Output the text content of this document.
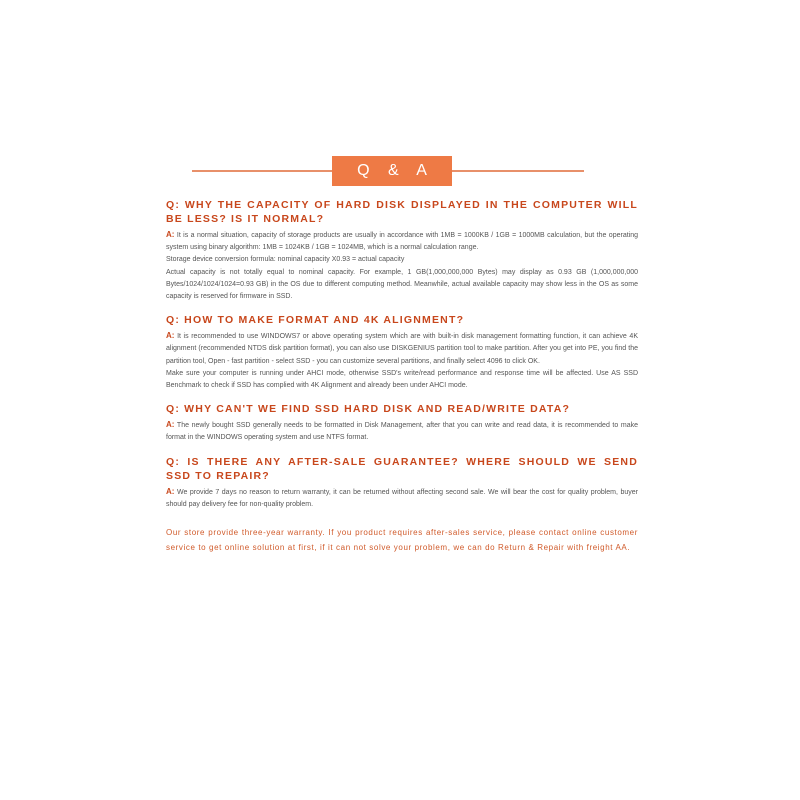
Q & A
Q: WHY THE CAPACITY OF HARD DISK DISPLAYED IN THE COMPUTER WILL BE LESS? IS IT NORMAL?

A: It is a normal situation, capacity of storage products are usually in accordance with 1MB = 1000KB / 1GB = 1000MB calculation, but the operating system using binary algorithm: 1MB = 1024KB / 1GB = 1024MB, which is a normal calculation range.

Storage device conversion formula: nominal capacity X0.93 = actual capacity

Actual capacity is not totally equal to nominal capacity. For example, 1 GB(1,000,000,000 Bytes) may display as 0.93 GB (1,000,000,000 Bytes/1024/1024/1024=0.93 GB) in the OS due to different computing method. Meanwhile, actual available capacity may show less in the OS as some capacity is reserved for firmware in SSD.

Q: HOW TO MAKE FORMAT AND 4K ALIGNMENT?

A: It is recommended to use WINDOWS7 or above operating system which are with built-in disk management formatting function, it can achieve 4K alignment (recommended NTDS disk partition format), you can also use DISKGENIUS partition tool to make partition. After you get into PE, you find the partition tool, Open - fast partition - select SSD - you can customize several partitions, and finally select 4096 to click OK.

Make sure your computer is running under AHCI mode, otherwise SSD's write/read performance and response time will be affected. Use AS SSD Benchmark to check if SSD has complied with 4K Alignment and already been under AHCI mode.

Q: WHY CAN'T WE FIND SSD HARD DISK AND READ/WRITE DATA?

A: The newly bought SSD generally needs to be formatted in Disk Management, after that you can write and read data, it is recommended to make format in the WINDOWS operating system and use NTFS format.

Q: IS THERE ANY AFTER-SALE GUARANTEE? WHERE SHOULD WE SEND SSD TO REPAIR?

A: We provide 7 days no reason to return warranty, it can be returned without affecting second sale. We will bear the cost for quality problem, buyer should pay delivery fee for non-quality problem.

Our store provide three-year warranty. If you product requires after-sales service, please contact online customer service to get online solution at first, if it can not solve your problem, we can do Return & Repair with freight AA.
